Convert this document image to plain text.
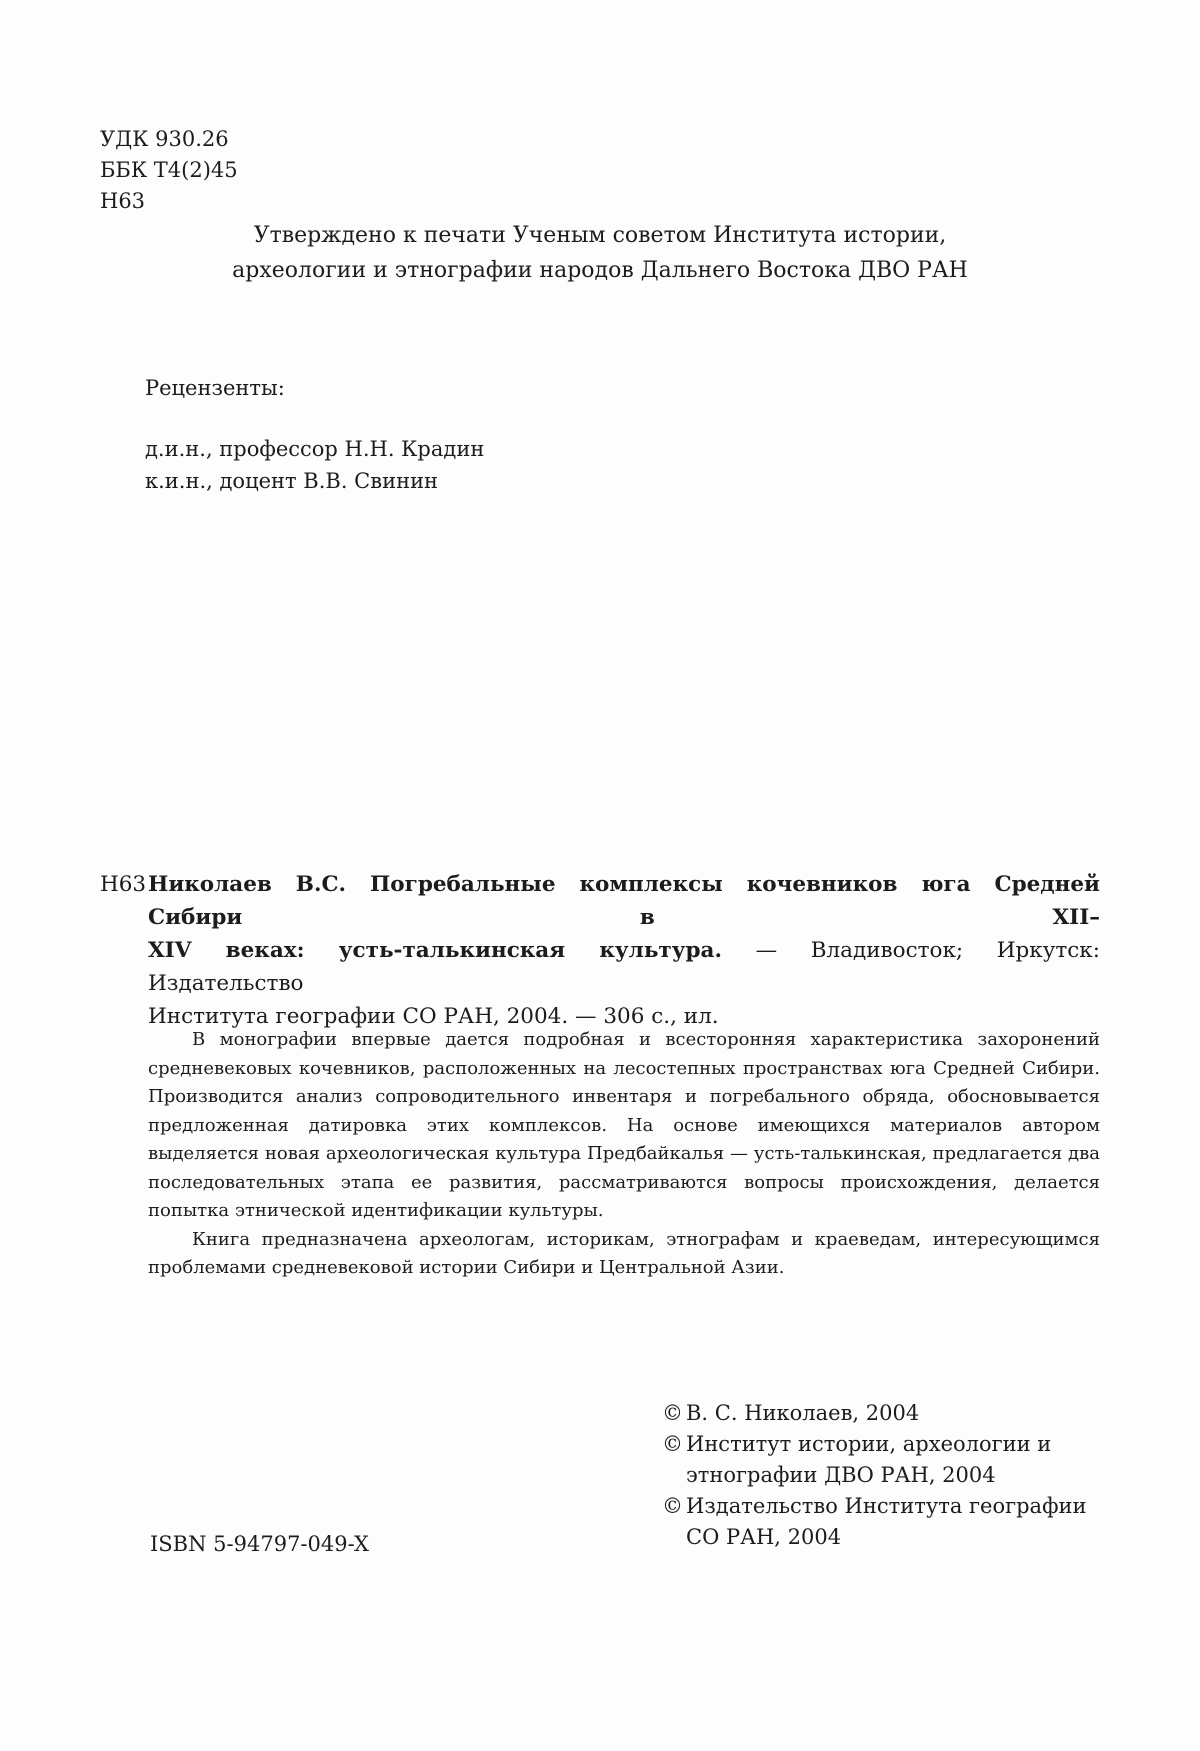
УДК 930.26
ББК Т4(2)45
Н63
Утверждено к печати Ученым советом Института истории,
археологии и этнографии народов Дальнего Востока ДВО РАН
Рецензенты:
д.и.н., профессор Н.Н. Крадин
к.и.н., доцент В.В. Свинин
Н63 Николаев В.С. Погребальные комплексы кочевников юга Средней Сибири в XII–
XIV веках: усть-талькинская культура. — Владивосток; Иркутск: Издательство
Института географии СО РАН, 2004. — 306 с., ил.

В монографии впервые дается подробная и всесторонняя характеристика захоронений средневековых кочевников, расположенных на лесостепных пространствах юга Средней Сибири. Производится анализ сопроводительного инвентаря и погребального обряда, обосновывается предложенная датировка этих комплексов. На основе имеющихся материалов автором выделяется новая археологическая культура Предбайкалья — усть-талькинская, предлагается два последовательных этапа ее развития, рассматриваются вопросы происхождения, делается попытка этнической идентификации культуры.

Книга предназначена археологам, историкам, этнографам и краеведам, интересующимся проблемами средневековой истории Сибири и Центральной Азии.

© В. С. Николаев, 2004
© Институт истории, археологии и
этнографии ДВО РАН, 2004
© Издательство Института географии
СО РАН, 2004
ISBN 5-94797-049-X
